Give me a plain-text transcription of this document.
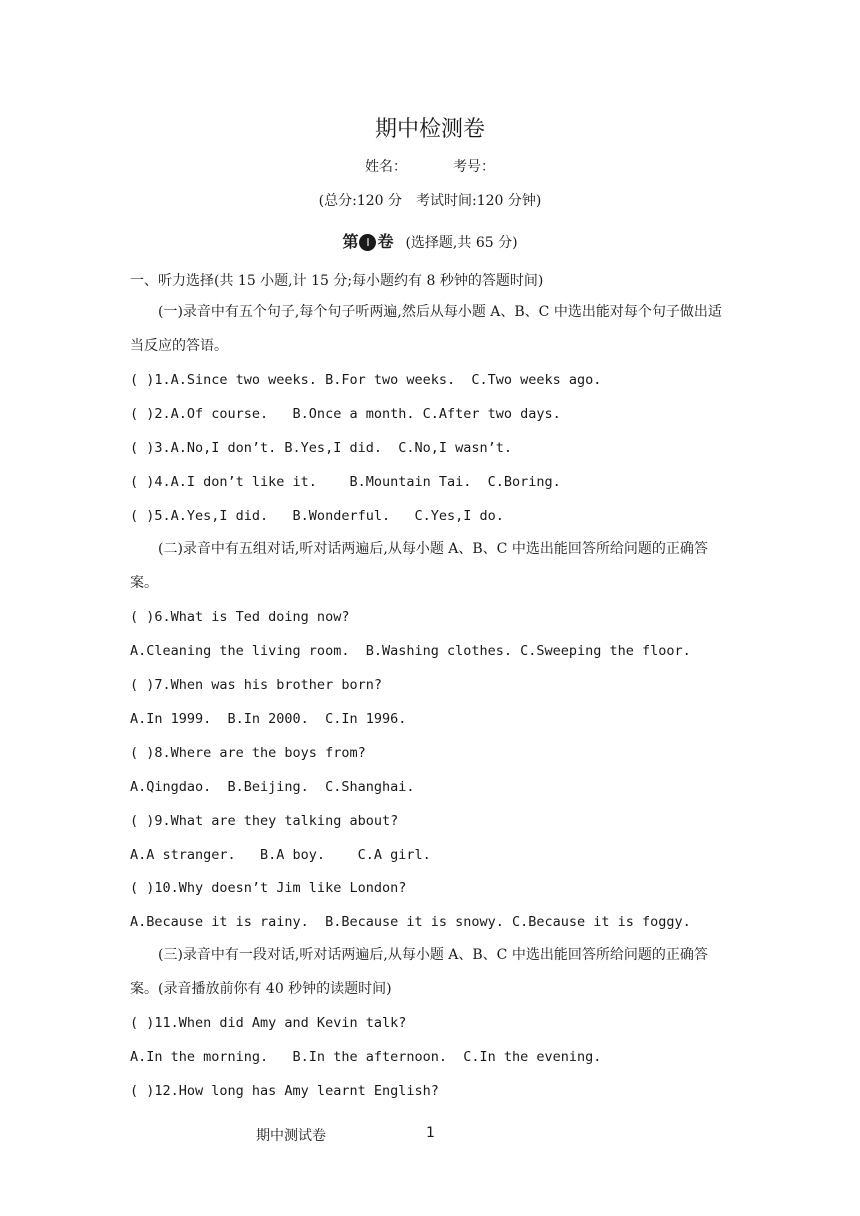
期中检测卷
姓名：	考号：
(总分:120 分 考试时间:120 分钟)
第 Ⅰ 卷 (选择题,共 65 分)
一、听力选择(共 15 小题,计 15 分;每小题约有 8 秒钟的答题时间)
(一)录音中有五个句子,每个句子听两遍,然后从每小题 A、B、C 中选出能对每个句子做出适当反应的答语。
( )1.A.Since two weeks. B.For two weeks.  C.Two weeks ago.
( )2.A.Of course.   B.Once a month. C.After two days.
( )3.A.No,I don’t. B.Yes,I did.  C.No,I wasn’t.
( )4.A.I don’t like it.    B.Mountain Tai.  C.Boring.
( )5.A.Yes,I did.   B.Wonderful.   C.Yes,I do.
(二)录音中有五组对话,听对话两遍后,从每小题 A、B、C 中选出能回答所给问题的正确答案。
( )6.What is Ted doing now?
A.Cleaning the living room.  B.Washing clothes. C.Sweeping the floor.
( )7.When was his brother born?
A.In 1999.  B.In 2000.  C.In 1996.
( )8.Where are the boys from?
A.Qingdao.  B.Beijing.  C.Shanghai.
( )9.What are they talking about?
A.A stranger.   B.A boy.    C.A girl.
( )10.Why doesn’t Jim like London?
A.Because it is rainy.  B.Because it is snowy. C.Because it is foggy.
(三)录音中有一段对话,听对话两遍后,从每小题 A、B、C 中选出能回答所给问题的正确答案。(录音播放前你有 40 秒钟的读题时间)
( )11.When did Amy and Kevin talk?
A.In the morning.   B.In the afternoon.  C.In the evening.
( )12.How long has Amy learnt English?
期中测试卷	1
